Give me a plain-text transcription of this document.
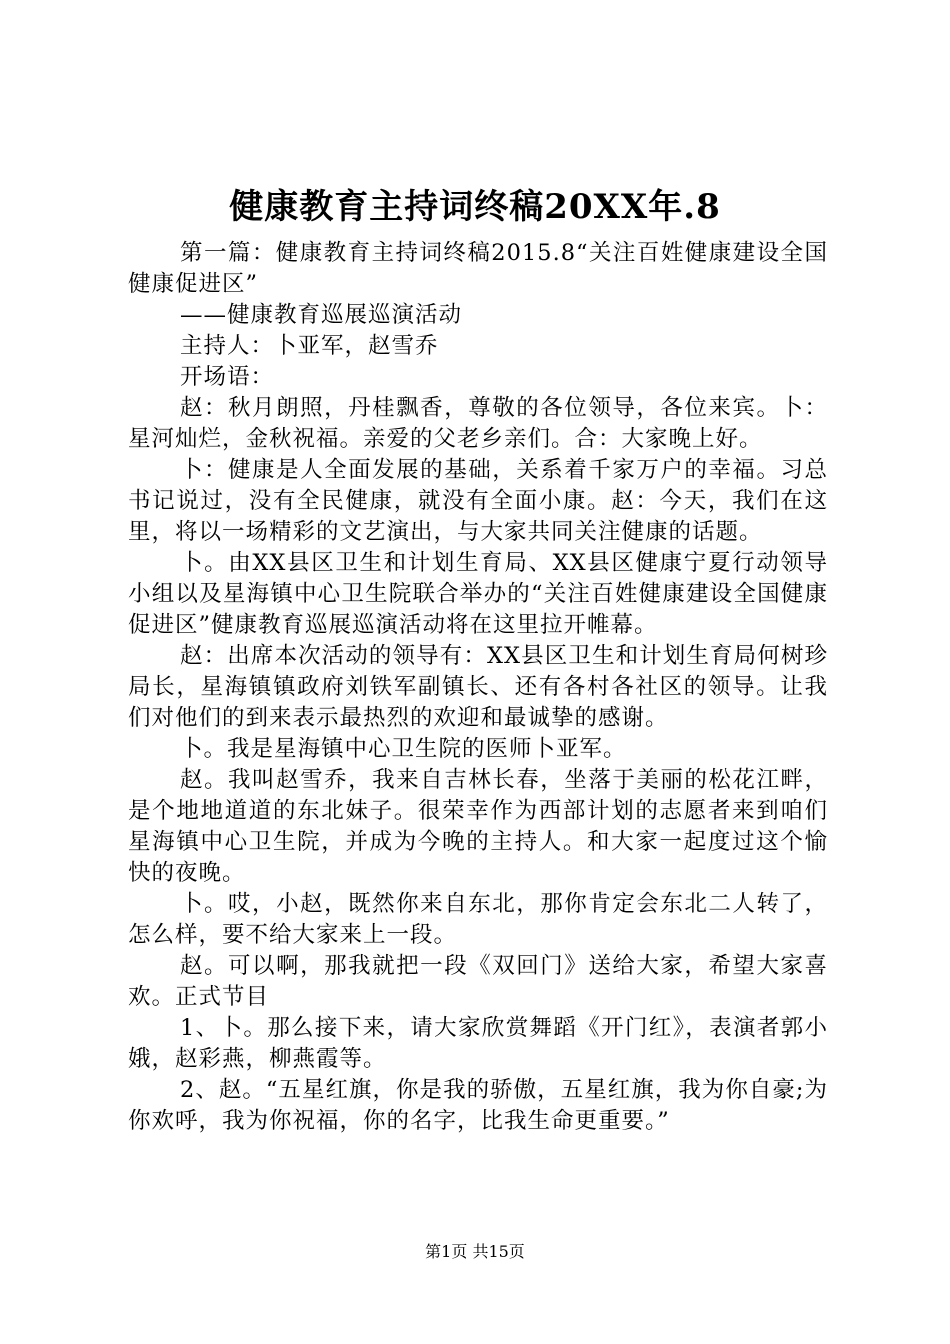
健康教育主持词终稿20XX年.8

第一篇：健康教育主持词终稿2015.8“关注百姓健康建设全国健康促进区”

——健康教育巡展巡演活动

主持人：卜亚军，赵雪乔

开场语：

赵：秋月朗照，丹桂飘香，尊敬的各位领导，各位来宾。卜：星河灿烂，金秋祝福。亲爱的父老乡亲们。合：大家晚上好。

卜：健康是人全面发展的基础，关系着千家万户的幸福。习总书记说过，没有全民健康，就没有全面小康。赵：今天，我们在这里，将以一场精彩的文艺演出，与大家共同关注健康的话题。

卜。由XX县区卫生和计划生育局、XX县区健康宁夏行动领导小组以及星海镇中心卫生院联合举办的“关注百姓健康建设全国健康促进区”健康教育巡展巡演活动将在这里拉开帷幕。

赵：出席本次活动的领导有：XX县区卫生和计划生育局何树珍局长，星海镇镇政府刘铁军副镇长、还有各村各社区的领导。让我们对他们的到来表示最热烈的欢迎和最诚挚的感谢。

卜。我是星海镇中心卫生院的医师卜亚军。

赵。我叫赵雪乔，我来自吉林长春，坐落于美丽的松花江畔，是个地地道道的东北妹子。很荣幸作为西部计划的志愿者来到咱们星海镇中心卫生院，并成为今晚的主持人。和大家一起度过这个愉快的夜晚。

卜。哎，小赵，既然你来自东北，那你肯定会东北二人转了，怎么样，要不给大家来上一段。

赵。可以啊，那我就把一段《双回门》送给大家，希望大家喜欢。正式节目

1、卜。那么接下来，请大家欣赏舞蹈《开门红》，表演者郭小娥，赵彩燕，柳燕霞等。

2、赵。“五星红旗，你是我的骄傲，五星红旗，我为你自豪;为你欢呼，我为你祝福，你的名字，比我生命更重要。”

第1页 共15页
